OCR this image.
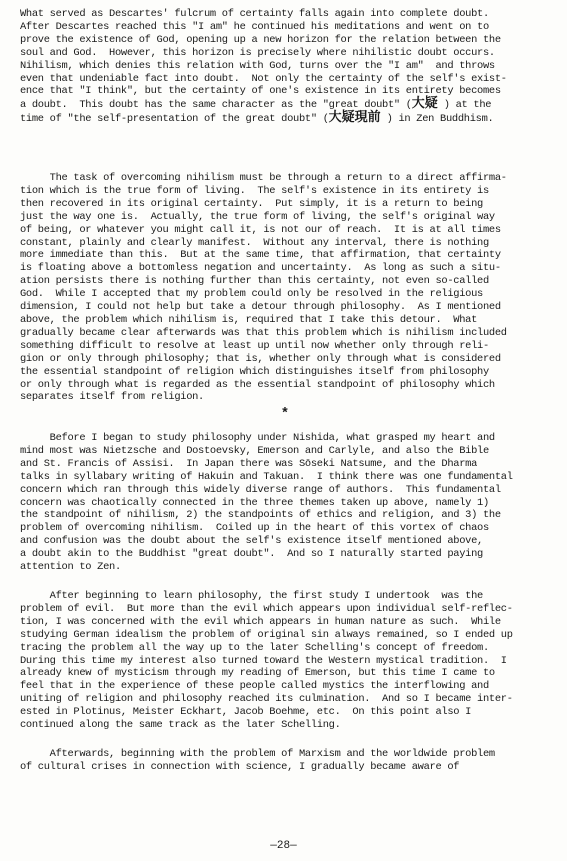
What served as Descartes' fulcrum of certainty falls again into complete doubt.

After Descartes reached this "I am" he continued his meditations and went on to

prove the existence of God, opening up a new horizon for the relation between the

soul and God.  However, this horizon is precisely where nihilistic doubt occurs.

Nihilism, which denies this relation with God, turns over the "I am"  and throws

even that undeniable fact into doubt.  Not only the certainty of the self's exist-

ence that "I think", but the certainty of one's existence in its entirety becomes

a doubt.  This doubt has the same character as the "great doubt" (大疑 ) at the

time of "the self-presentation of the great doubt" (大疑現前 ) in Zen Buddhism.

The task of overcoming nihilism must be through a return to a direct affirma-

tion which is the true form of living.  The self's existence in its entirety is

then recovered in its original certainty.  Put simply, it is a return to being

just the way one is.  Actually, the true form of living, the self's original way

of being, or whatever you might call it, is not our of reach.  It is at all times

constant, plainly and clearly manifest.  Without any interval, there is nothing

more immediate than this.  But at the same time, that affirmation, that certainty

is floating above a bottomless negation and uncertainty.  As long as such a situ-

ation persists there is nothing further than this certainty, not even so-called

God.  While I accepted that my problem could only be resolved in the religious

dimension, I could not help but take a detour through philosophy.  As I mentioned

above, the problem which nihilism is, required that I take this detour.  What

gradually became clear afterwards was that this problem which is nihilism included

something difficult to resolve at least up until now whether only through reli-

gion or only through philosophy; that is, whether only through what is considered

the essential standpoint of religion which distinguishes itself from philosophy

or only through what is regarded as the essential standpoint of philosophy which

separates itself from religion.

*

Before I began to study philosophy under Nishida, what grasped my heart and

mind most was Nietzsche and Dostoevsky, Emerson and Carlyle, and also the Bible

and St. Francis of Assisi.  In Japan there was Sōseki Natsume, and the Dharma

talks in syllabary writing of Hakuin and Takuan.  I think there was one fundamental

concern which ran through this widely diverse range of authors.  This fundamental

concern was chaotically connected in the three themes taken up above, namely 1)

the standpoint of nihilism, 2) the standpoints of ethics and religion, and 3) the

problem of overcoming nihilism.  Coiled up in the heart of this vortex of chaos

and confusion was the doubt about the self's existence itself mentioned above,

a doubt akin to the Buddhist "great doubt".  And so I naturally started paying

attention to Zen.

After beginning to learn philosophy, the first study I undertook  was the

problem of evil.  But more than the evil which appears upon individual self-reflec-

tion, I was concerned with the evil which appears in human nature as such.  While

studying German idealism the problem of original sin always remained, so I ended up

tracing the problem all the way up to the later Schelling's concept of freedom.

During this time my interest also turned toward the Western mystical tradition.  I

already knew of mysticism through my reading of Emerson, but this time I came to

feel that in the experience of these people called mystics the interflowing and

uniting of religion and philosophy reached its culmination.  And so I became inter-

ested in Plotinus, Meister Eckhart, Jacob Boehme, etc.  On this point also I

continued along the same track as the later Schelling.

Afterwards, beginning with the problem of Marxism and the worldwide problem

of cultural crises in connection with science, I gradually became aware of

—28—
